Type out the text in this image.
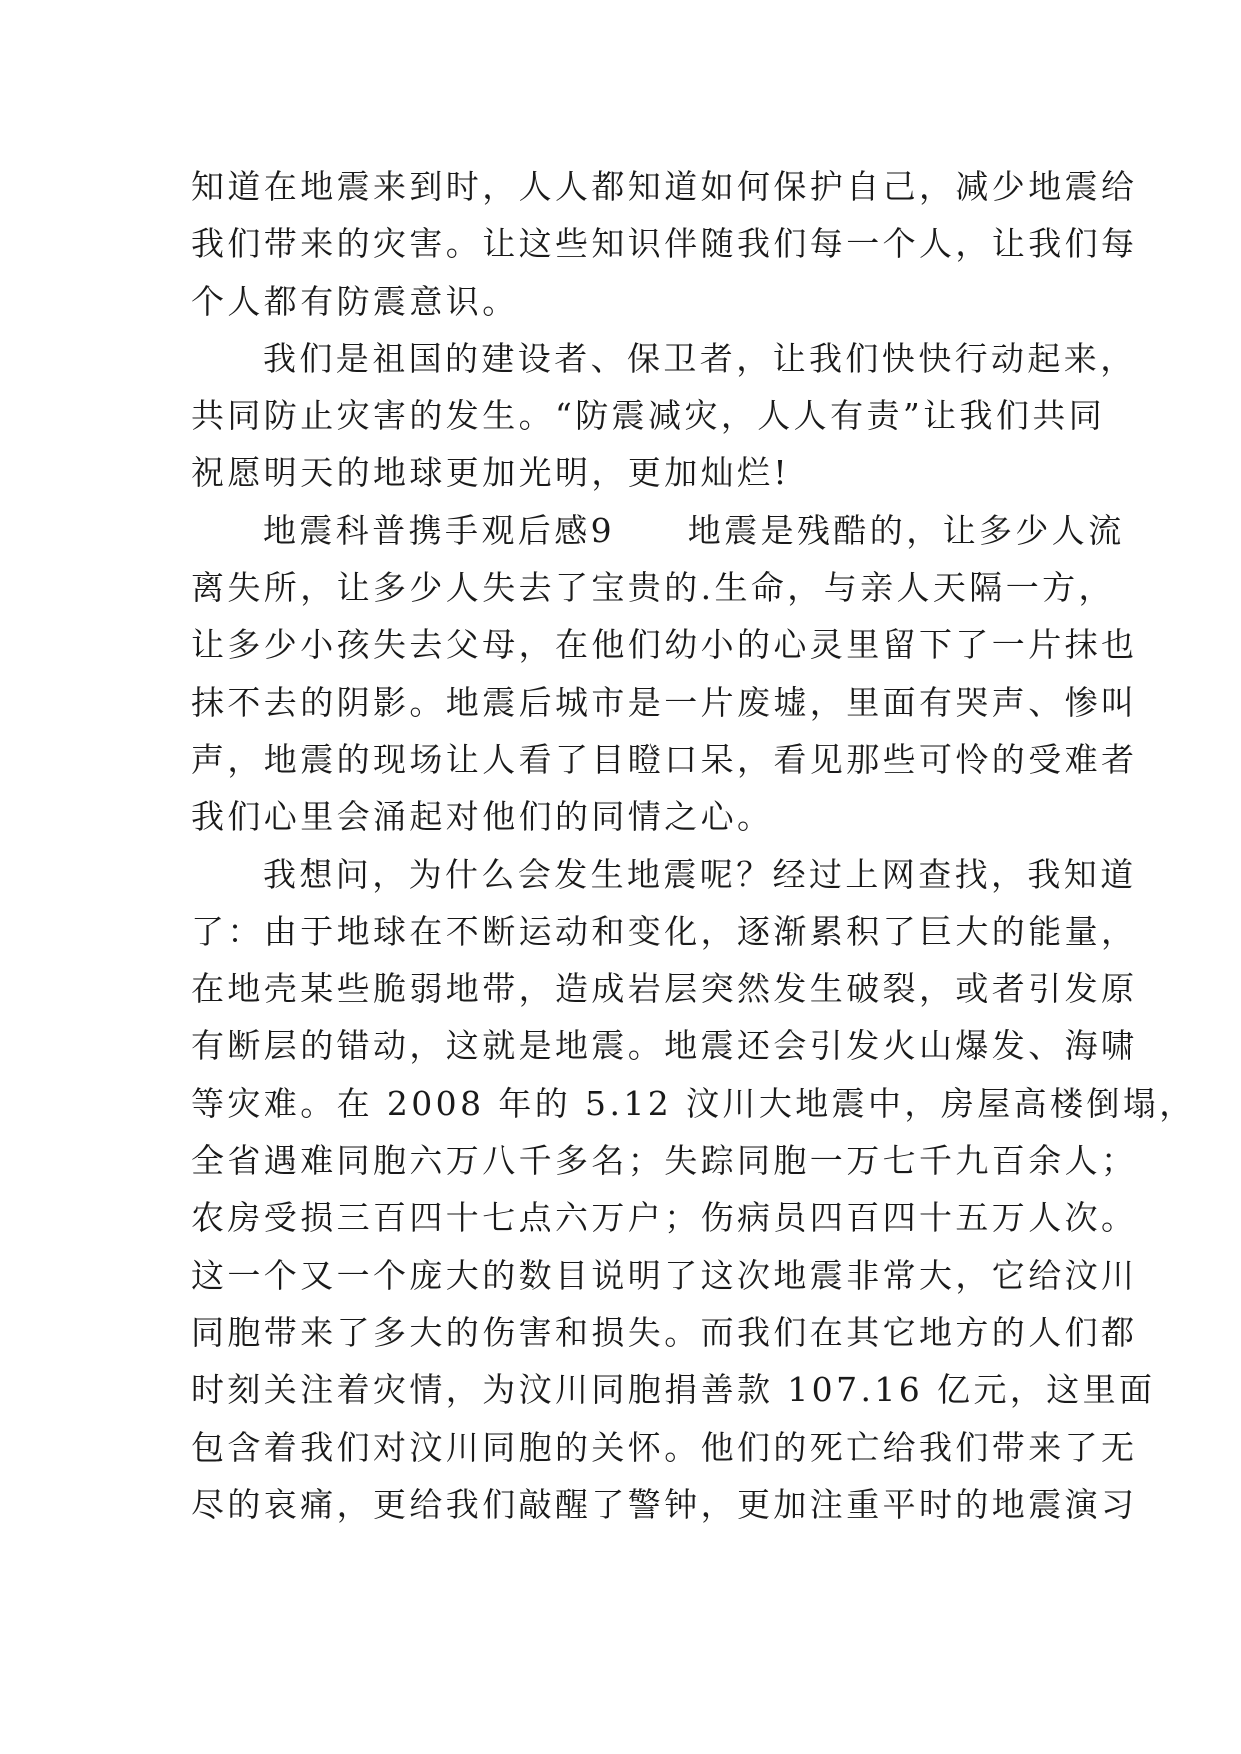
知道在地震来到时，人人都知道如何保护自己，减少地震给
我们带来的灾害。让这些知识伴随我们每一个人，让我们每
个人都有防震意识。
我们是祖国的建设者、保卫者，让我们快快行动起来，
共同防止灾害的发生。“防震减灾，人人有责”让我们共同
祝愿明天的地球更加光明，更加灿烂!
地震科普携手观后感9　　地震是残酷的，让多少人流
离失所，让多少人失去了宝贵的.生命，与亲人天隔一方，
让多少小孩失去父母，在他们幼小的心灵里留下了一片抹也
抹不去的阴影。地震后城市是一片废墟，里面有哭声、惨叫
声，地震的现场让人看了目瞪口呆，看见那些可怜的受难者
我们心里会涌起对他们的同情之心。
我想问，为什么会发生地震呢？经过上网查找，我知道
了：由于地球在不断运动和变化，逐渐累积了巨大的能量，
在地壳某些脆弱地带，造成岩层突然发生破裂，或者引发原
有断层的错动，这就是地震。地震还会引发火山爆发、海啸
等灾难。在 2008 年的 5.12 汶川大地震中，房屋高楼倒塌，
全省遇难同胞六万八千多名；失踪同胞一万七千九百余人；
农房受损三百四十七点六万户；伤病员四百四十五万人次。
这一个又一个庞大的数目说明了这次地震非常大，它给汶川
同胞带来了多大的伤害和损失。而我们在其它地方的人们都
时刻关注着灾情，为汶川同胞捐善款 107.16 亿元，这里面
包含着我们对汶川同胞的关怀。他们的死亡给我们带来了无
尽的哀痛，更给我们敲醒了警钟，更加注重平时的地震演习
